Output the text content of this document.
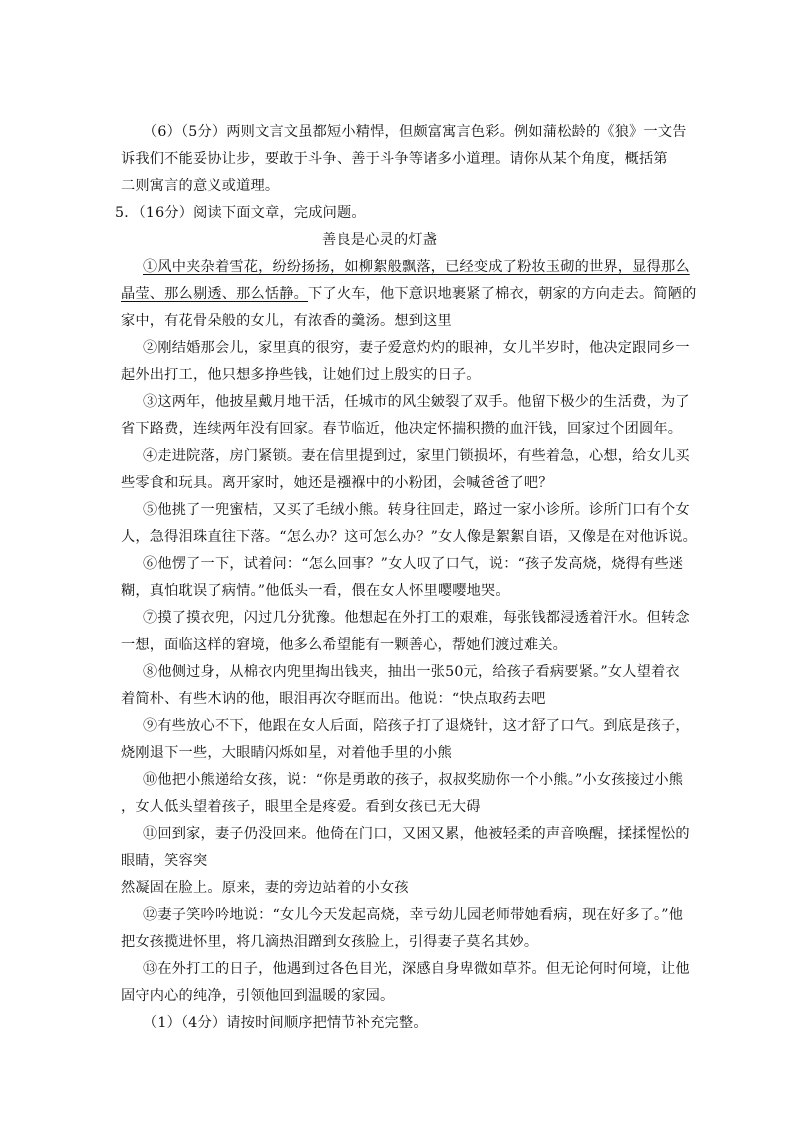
（6）（5分）两则文言文虽都短小精悍，但颇富寓言色彩。例如蒲松龄的《狼》一文告
诉我们不能妥协让步，要敢于斗争、善于斗争等诸多小道理。请你从某个角度，概括第
二则寓言的意义或道理。
5．（16分）阅读下面文章，完成问题。
善良是心灵的灯盏
①风中夹杂着雪花，纷纷扬扬，如柳絮般飘落，已经变成了粉妆玉砌的世界，显得那么
晶莹、那么剔透、那么恬静。下了火车，他下意识地裹紧了棉衣，朝家的方向走去。简陋的
家中，有花骨朵般的女儿，有浓香的羹汤。想到这里
②刚结婚那会儿，家里真的很穷，妻子爱意灼灼的眼神，女儿半岁时，他决定跟同乡一
起外出打工，他只想多挣些钱，让她们过上殷实的日子。
③这两年，他披星戴月地干活，任城市的风尘皴裂了双手。他留下极少的生活费，为了
省下路费，连续两年没有回家。春节临近，他决定怀揣积攒的血汗钱，回家过个团圆年。
④走进院落，房门紧锁。妻在信里提到过，家里门锁损坏，有些着急，心想，给女儿买
些零食和玩具。离开家时，她还是襁褓中的小粉团，会喊爸爸了吧？
⑤他挑了一兜蜜桔，又买了毛绒小熊。转身往回走，路过一家小诊所。诊所门口有个女
人，急得泪珠直往下落。“怎么办？这可怎么办？”女人像是絮絮自语，又像是在对他诉说。
⑥他愣了一下，试着问：“怎么回事？”女人叹了口气，说：“孩子发高烧，烧得有些迷
糊，真怕耽误了病情。”他低头一看，偎在女人怀里嘤嘤地哭。
⑦摸了摸衣兜，闪过几分犹豫。他想起在外打工的艰难，每张钱都浸透着汗水。但转念
一想，面临这样的窘境，他多么希望能有一颗善心，帮她们渡过难关。
⑧他侧过身，从棉衣内兜里掏出钱夹，抽出一张50元，给孩子看病要紧。”女人望着衣
着简朴、有些木讷的他，眼泪再次夺眶而出。他说：“快点取药去吧
⑨有些放心不下，他跟在女人后面，陪孩子打了退烧针，这才舒了口气。到底是孩子，
烧刚退下一些，大眼睛闪烁如星，对着他手里的小熊
⑩他把小熊递给女孩，说：“你是勇敢的孩子，叔叔奖励你一个小熊。”小女孩接过小熊
，女人低头望着孩子，眼里全是疼爱。看到女孩已无大碍
⑪回到家，妻子仍没回来。他倚在门口，又困又累，他被轻柔的声音唤醒，揉揉惺忪的
眼睛，笑容突
然凝固在脸上。原来，妻的旁边站着的小女孩
⑫妻子笑吟吟地说：“女儿今天发起高烧，幸亏幼儿园老师带她看病，现在好多了。”他
把女孩揽进怀里，将几滴热泪蹭到女孩脸上，引得妻子莫名其妙。
⑬在外打工的日子，他遇到过各色目光，深感自身卑微如草芥。但无论何时何境，让他
固守内心的纯净，引领他回到温暖的家园。
（1）（4分）请按时间顺序把情节补充完整。
